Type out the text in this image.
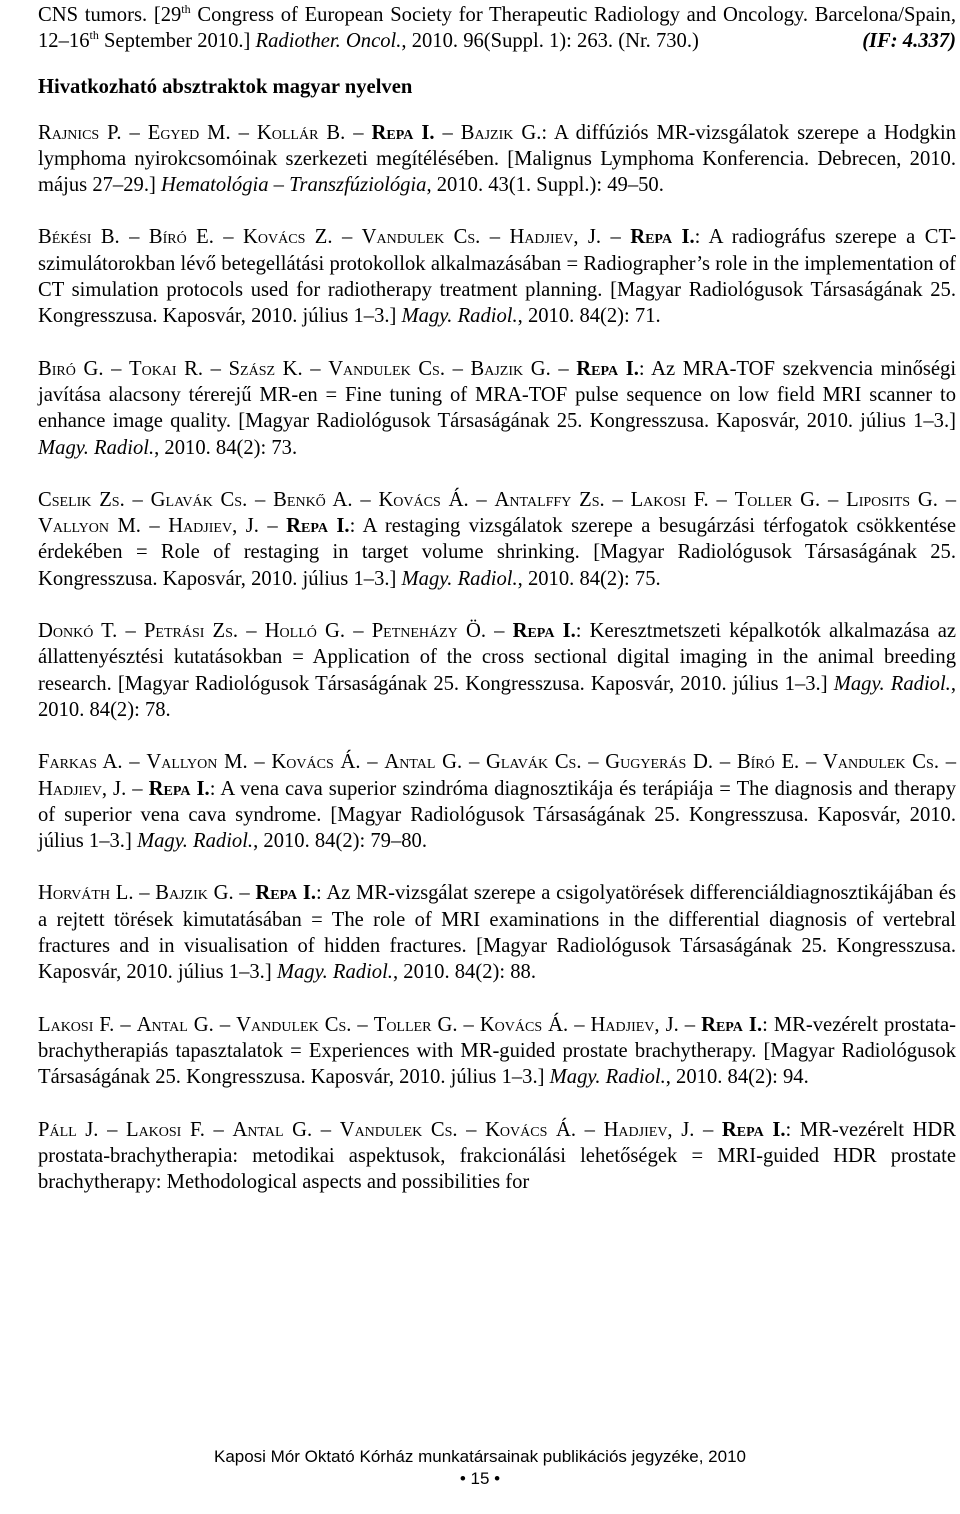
CNS tumors. [29th Congress of European Society for Therapeutic Radiology and Oncology. Barcelona/Spain, 12–16th September 2010.] Radiother. Oncol., 2010. 96(Suppl. 1): 263. (Nr. 730.)	(IF: 4.337)

Hivatkozható absztraktok magyar nyelven

Rajnics P. – Egyed M. – Kollár B. – Repa I. – Bajzik G.: A diffúziós MR-vizsgálatok szerepe a Hodgkin lymphoma nyirokcsomóinak szerkezeti megítélésében. [Malignus Lymphoma Konferencia. Debrecen, 2010. május 27–29.] Hematológia – Transzfúziológia, 2010. 43(1. Suppl.): 49–50.

Békési B. – Bíró E. – Kovács Z. – Vandulek Cs. – Hadjiev, J. – Repa I.: A radiográfus szerepe a CT-szimulátorokban lévő betegellátási protokollok alkalmazásában = Radiographer’s role in the implementation of CT simulation protocols used for radiotherapy treatment planning. [Magyar Radiológusok Társaságának 25. Kongresszusa. Kaposvár, 2010. július 1–3.] Magy. Radiol., 2010. 84(2): 71.

Biró G. – Tokai R. – Szász K. – Vandulek Cs. – Bajzik G. – Repa I.: Az MRA-TOF szekvencia minőségi javítása alacsony térerejű MR-en = Fine tuning of MRA-TOF pulse sequence on low field MRI scanner to enhance image quality. [Magyar Radiológusok Társaságának 25. Kongresszusa. Kaposvár, 2010. július 1–3.] Magy. Radiol., 2010. 84(2): 73.

Cselik Zs. – Glavák Cs. – Benkő A. – Kovács Á. – Antalffy Zs. – Lakosi F. – Toller G. – Liposits G. – Vallyon M. – Hadjiev, J. – Repa I.: A restaging vizsgálatok szerepe a besugárzási térfogatok csökkentése érdekében = Role of restaging in target volume shrinking. [Magyar Radiológusok Társaságának 25. Kongresszusa. Kaposvár, 2010. július 1–3.] Magy. Radiol., 2010. 84(2): 75.

Donkó T. – Petrási Zs. – Holló G. – Petneházy Ö. – Repa I.: Keresztmetszeti képalkotók alkalmazása az állattenyésztési kutatásokban = Application of the cross sectional digital imaging in the animal breeding research. [Magyar Radiológusok Társaságának 25. Kongresszusa. Kaposvár, 2010. július 1–3.] Magy. Radiol., 2010. 84(2): 78.

Farkas A. – Vallyon M. – Kovács Á. – Antal G. – Glavák Cs. – Gugyerás D. – Bíró E. – Vandulek Cs. – Hadjiev, J. – Repa I.: A vena cava superior szindróma diagnosztikája és terápiája = The diagnosis and therapy of superior vena cava syndrome. [Magyar Radiológusok Társaságának 25. Kongresszusa. Kaposvár, 2010. július 1–3.] Magy. Radiol., 2010. 84(2): 79–80.

Horváth L. – Bajzik G. – Repa I.: Az MR-vizsgálat szerepe a csigolyatörések differenciáldiagnosztikájában és a rejtett törések kimutatásában = The role of MRI examinations in the differential diagnosis of vertebral fractures and in visualisation of hidden fractures. [Magyar Radiológusok Társaságának 25. Kongresszusa. Kaposvár, 2010. július 1–3.] Magy. Radiol., 2010. 84(2): 88.

Lakosi F. – Antal G. – Vandulek Cs. – Toller G. – Kovács Á. – Hadjiev, J. – Repa I.: MR-vezérelt prostata-brachytherapiás tapasztalatok = Experiences with MR-guided prostate brachytherapy. [Magyar Radiológusok Társaságának 25. Kongresszusa. Kaposvár, 2010. július 1–3.] Magy. Radiol., 2010. 84(2): 94.

Páll J. – Lakosi F. – Antal G. – Vandulek Cs. – Kovács Á. – Hadjiev, J. – Repa I.: MR-vezérelt HDR prostata-brachytherapia: metodikai aspektusok, frakcionálási lehetőségek = MRI-guided HDR prostate brachytherapy: Methodological aspects and possibilities for

Kaposi Mór Oktató Kórház munkatársainak publikációs jegyzéke, 2010
• 15 •
